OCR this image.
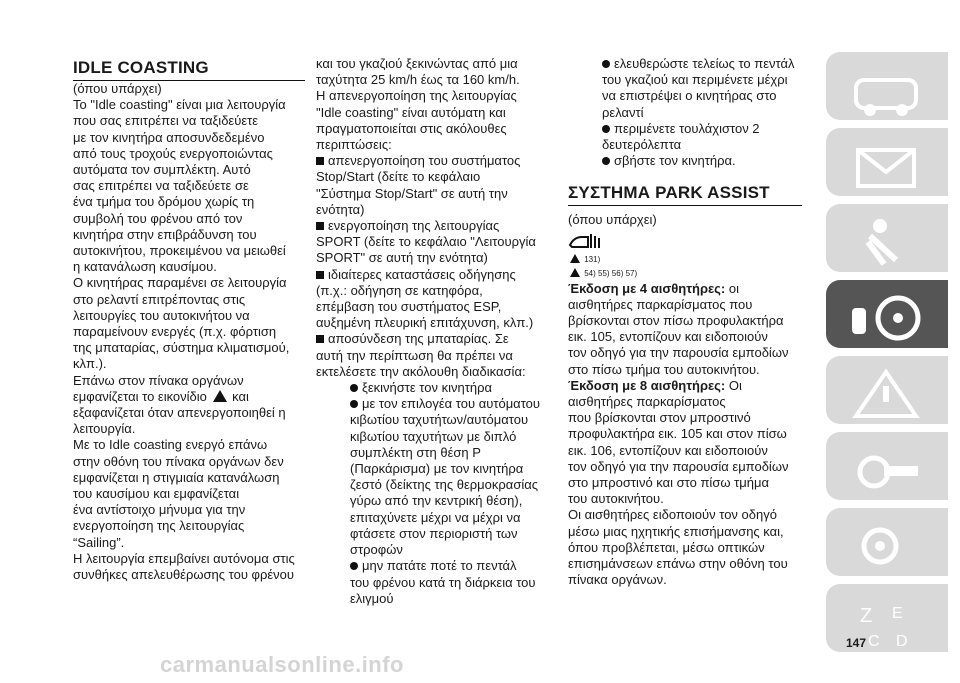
IDLE COASTING

(όπου υπάρχει)

Το "Idle coasting" είναι μια λειτουργία

που σας επιτρέπει να ταξιδεύετε

με τον κινητήρα αποσυνδεδεμένο

από τους τροχούς ενεργοποιώντας

αυτόματα τον συμπλέκτη. Αυτό

σας επιτρέπει να ταξιδεύετε σε

ένα τμήμα του δρόμου χωρίς τη

συμβολή του φρένου από τον

κινητήρα στην επιβράδυνση του

αυτοκινήτου, προκειμένου να μειωθεί

η κατανάλωση καυσίμου.

Ο κινητήρας παραμένει σε λειτουργία

στο ρελαντί επιτρέποντας στις

λειτουργίες του αυτοκινήτου να

παραμείνουν ενεργές (π.χ. φόρτιση

της μπαταρίας, σύστημα κλιματισμού,

κλπ.).

Επάνω στον πίνακα οργάνων

εμφανίζεται το εικονίδιο και

εξαφανίζεται όταν απενεργοποιηθεί η

λειτουργία.

Με το Idle coasting ενεργό επάνω

στην οθόνη του πίνακα οργάνων δεν

εμφανίζεται η στιγμιαία κατανάλωση

του καυσίμου και εμφανίζεται

ένα αντίστοιχο μήνυμα για την

ενεργοποίηση της λειτουργίας

“Sailing”.

Η λειτουργία επεμβαίνει αυτόνομα στις

συνθήκες απελευθέρωσης του φρένου

και του γκαζιού ξεκινώντας από μια

ταχύτητα 25 km/h έως τα 160 km/h.

Η απενεργοποίηση της λειτουργίας

"Idle coasting" είναι αυτόματη και

πραγματοποιείται στις ακόλουθες

περιπτώσεις:

απενεργοποίηση του συστήματος

Stop/Start (δείτε το κεφάλαιο

"Σύστημα Stop/Start" σε αυτή την

ενότητα)

ενεργοποίηση της λειτουργίας

SPORT (δείτε το κεφάλαιο "Λειτουργία

SPORT" σε αυτή την ενότητα)

ιδιαίτερες καταστάσεις οδήγησης

(π.χ.: οδήγηση σε κατηφόρα,

επέμβαση του συστήματος ESP,

αυξημένη πλευρική επιτάχυνση, κλπ.)

αποσύνδεση της μπαταρίας. Σε

αυτή την περίπτωση θα πρέπει να

εκτελέσετε την ακόλουθη διαδικασία:

ξεκινήστε τον κινητήρα

με τον επιλογέα του αυτόματου

κιβωτίου ταχυτήτων/αυτόματου

κιβωτίου ταχυτήτων με διπλό

συμπλέκτη στη θέση P

(Παρκάρισμα) με τον κινητήρα

ζεστό (δείκτης της θερμοκρασίας

γύρω από την κεντρική θέση),

επιταχύνετε μέχρι να μέχρι να

φτάσετε στον περιοριστή των

στροφών

μην πατάτε ποτέ το πεντάλ

του φρένου κατά τη διάρκεια του

ελιγμού

ελευθερώστε τελείως το πεντάλ

του γκαζιού και περιμένετε μέχρι

να επιστρέψει ο κινητήρας στο

ρελαντί

περιμένετε τουλάχιστον 2

δευτερόλεπτα

σβήστε τον κινητήρα.

ΣΥΣΤΗΜΑ PARK ASSIST

(όπου υπάρχει)

131)

54) 55) 56) 57)

Έκδοση με 4 αισθητήρες: οι

αισθητήρες παρκαρίσματος που

βρίσκονται στον πίσω προφυλακτήρα

εικ. 105, εντοπίζουν και ειδοποιούν

τον οδηγό για την παρουσία εμποδίων

στο πίσω τμήμα του αυτοκινήτου.

Έκδοση με 8 αισθητήρες: Οι

αισθητήρες παρκαρίσματος

που βρίσκονται στον μπροστινό

προφυλακτήρα εικ. 105 και στον πίσω

εικ. 106, εντοπίζουν και ειδοποιούν

τον οδηγό για την παρουσία εμποδίων

στο μπροστινό και στο πίσω τμήμα

του αυτοκινήτου.

Οι αισθητήρες ειδοποιούν τον οδηγό

μέσω μιας ηχητικής επισήμανσης και,

όπου προβλέπεται, μέσω οπτικών

επισημάνσεων επάνω στην οθόνη του

πίνακα οργάνων.

Z E
C D
147
carmanualsonline.info
